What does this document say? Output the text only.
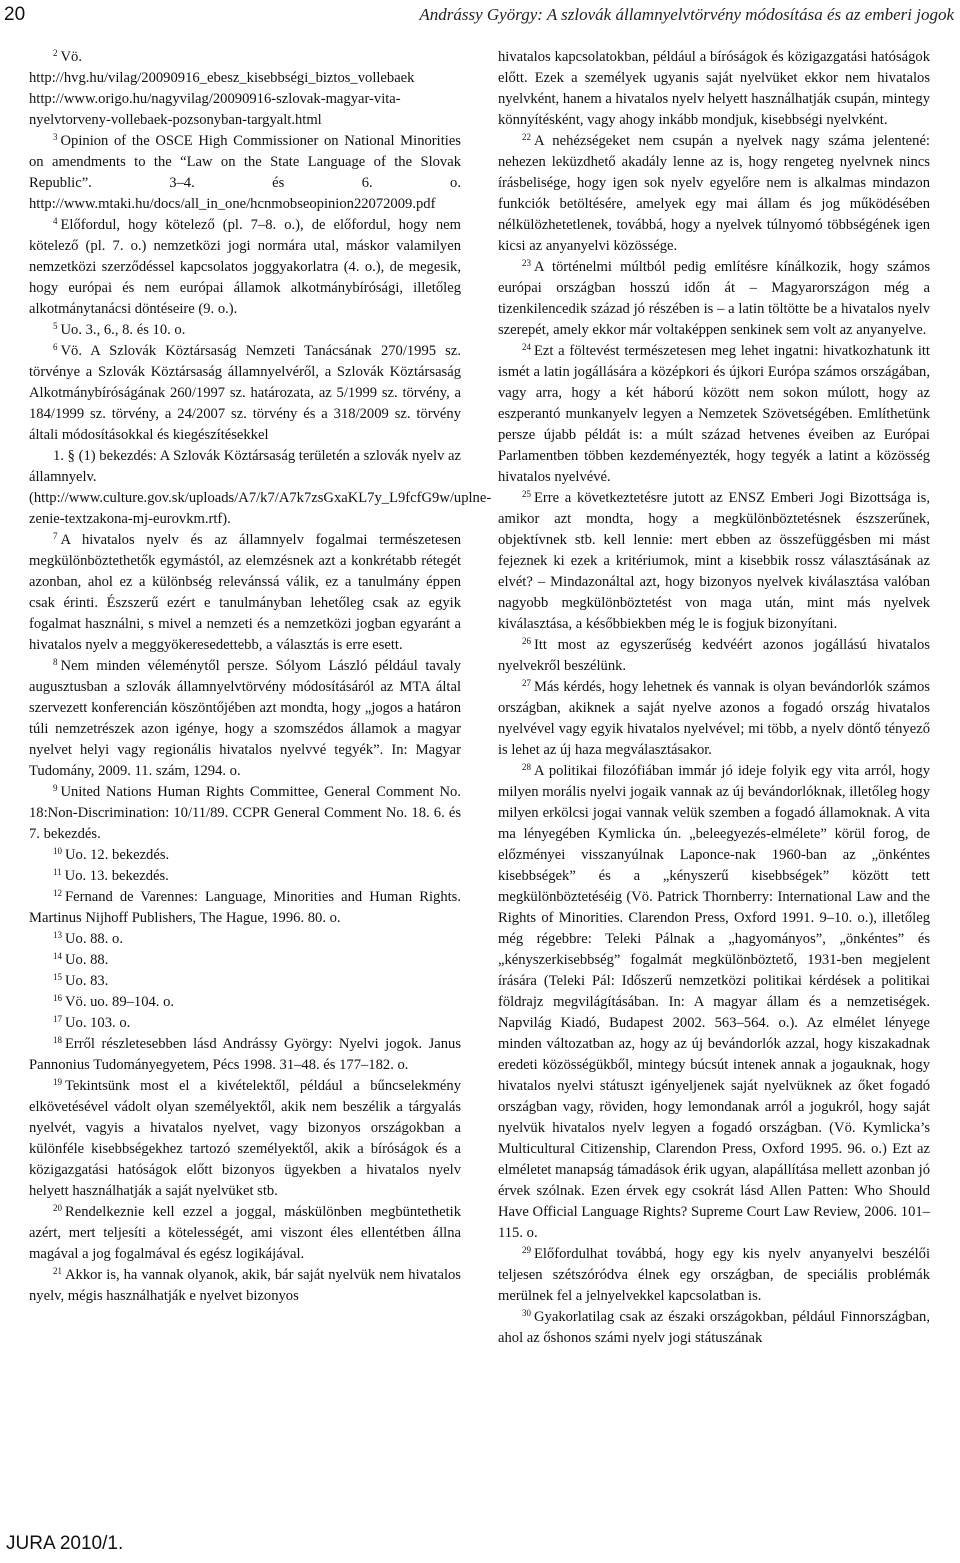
20	Andrássy György: A szlovák államnyelvtörvény módosítása és az emberi jogok

$^2$ Vö. http://hvg.hu/vilag/20090916_ebesz_kisebbségi_biztos_vollebaek http://www.origo.hu/nagyvilag/20090916-szlovak-magyar-vita-nyelvtorveny-vollebaek-pozsonyban-targyalt.html

$^3$ Opinion of the OSCE High Commissioner on National Minorities on amendments to the “Law on the State Language of the Slovak Republic”. 3–4. és 6. o. http://www.mtaki.hu/docs/all_in_one/hcnmobseopinion22072009.pdf

$^4$ Előfordul, hogy kötelező (pl. 7–8. o.), de előfordul, hogy nem kötelező (pl. 7. o.) nemzetközi jogi normára utal, máskor valamilyen nemzetközi szerződéssel kapcsolatos joggyakorlatra (4. o.), de megesik, hogy európai és nem európai államok alkotmánybírósági, illetőleg alkotmánytanácsi döntéseire (9. o.).

$^5$ Uo. 3., 6., 8. és 10. o.

$^6$ Vö. A Szlovák Köztársaság Nemzeti Tanácsának 270/1995 sz. törvénye a Szlovák Köztársaság államnyelvéről, a Szlovák Köztársaság Alkotmánybíróságának 260/1997 sz. határozata, az 5/1999 sz. törvény, a 184/1999 sz. törvény, a 24/2007 sz. törvény és a 318/2009 sz. törvény általi módosításokkal és kiegészítésekkel

1. § (1) bekezdés: A Szlovák Köztársaság területén a szlovák nyelv az államnyelv. (http://www.culture.gov.sk/uploads/A7/k7/A7k7zsGxaKL7y_L9fcfG9w/uplne-zenie-textzakona-mj-eurovkm.rtf).

$^7$ A hivatalos nyelv és az államnyelv fogalmai természetesen megkülönböztethetők egymástól, az elemzésnek azt a konkrétabb rétegét azonban, ahol ez a különbség relevánssá válik, ez a tanulmány éppen csak érinti. Észszerű ezért e tanulmányban lehetőleg csak az egyik fogalmat használni, s mivel a nemzeti és a nemzetközi jogban egyaránt a hivatalos nyelv a meggyökeresedettebb, a választás is erre esett.

$^8$ Nem minden véleménytől persze. Sólyom László például tavaly augusztusban a szlovák államnyelvtörvény módosításáról az MTA által szervezett konferencián köszöntőjében azt mondta, hogy „jogos a határon túli nemzetrészek azon igénye, hogy a szomszédos államok a magyar nyelvet helyi vagy regionális hivatalos nyelvvé tegyék”. In: Magyar Tudomány, 2009. 11. szám, 1294. o.

$^9$ United Nations Human Rights Committee, General Comment No. 18:Non-Discrimination: 10/11/89. CCPR General Comment No. 18. 6. és 7. bekezdés.

$^{10}$ Uo. 12. bekezdés.

$^{11}$ Uo. 13. bekezdés.

$^{12}$ Fernand de Varennes: Language, Minorities and Human Rights. Martinus Nijhoff Publishers, The Hague, 1996. 80. o.

$^{13}$ Uo. 88. o.

$^{14}$ Uo. 88.

$^{15}$ Uo. 83.

$^{16}$ Vö. uo. 89–104. o.

$^{17}$ Uo. 103. o.

$^{18}$ Erről részletesebben lásd Andrássy György: Nyelvi jogok. Janus Pannonius Tudományegyetem, Pécs 1998. 31–48. és 177–182. o.

$^{19}$ Tekintsünk most el a kivételektől, például a bűncselekmény elkövetésével vádolt olyan személyektől, akik nem beszélik a tárgyalás nyelvét, vagyis a hivatalos nyelvet, vagy bizonyos országokban a különféle kisebbségekhez tartozó személyektől, akik a bíróságok és a közigazgatási hatóságok előtt bizonyos ügyekben a hivatalos nyelv helyett használhatják a saját nyelvüket stb.

$^{20}$ Rendelkeznie kell ezzel a joggal, máskülönben megbüntethetik azért, mert teljesíti a kötelességét, ami viszont éles ellentétben állna magával a jog fogalmával és egész logikájával.

$^{21}$ Akkor is, ha vannak olyanok, akik, bár saját nyelvük nem hivatalos nyelv, mégis használhatják e nyelvet bizonyos

hivatalos kapcsolatokban, például a bíróságok és közigazgatási hatóságok előtt. Ezek a személyek ugyanis saját nyelvüket ekkor nem hivatalos nyelvként, hanem a hivatalos nyelv helyett használhatják csupán, mintegy könnyítésként, vagy ahogy inkább mondjuk, kisebbségi nyelvként.

$^{22}$ A nehézségeket nem csupán a nyelvek nagy száma jelentené: nehezen leküzdhető akadály lenne az is, hogy rengeteg nyelvnek nincs írásbelisége, hogy igen sok nyelv egyelőre nem is alkalmas mindazon funkciók betöltésére, amelyek egy mai állam és jog működésében nélkülözhetetlenek, továbbá, hogy a nyelvek túlnyomó többségének igen kicsi az anyanyelvi közössége.

$^{23}$ A történelmi múltból pedig említésre kínálkozik, hogy számos európai országban hosszú időn át – Magyarországon még a tizenkilencedik század jó részében is – a latin töltötte be a hivatalos nyelv szerepét, amely ekkor már voltaképpen senkinek sem volt az anyanyelve.

$^{24}$ Ezt a föltevést természetesen meg lehet ingatni: hivatkozhatunk itt ismét a latin jogállására a középkori és újkori Európa számos országában, vagy arra, hogy a két háború között nem sokon múlott, hogy az eszperantó munkanyelv legyen a Nemzetek Szövetségében. Említhetünk persze újabb példát is: a múlt század hetvenes éveiben az Európai Parlamentben többen kezdeményezték, hogy tegyék a latint a közösség hivatalos nyelvévé.

$^{25}$ Erre a következtetésre jutott az ENSZ Emberi Jogi Bizottsága is, amikor azt mondta, hogy a megkülönböztetésnek észszerűnek, objektívnek stb. kell lennie: mert ebben az összefüggésben mi mást fejeznek ki ezek a kritériumok, mint a kisebbik rossz választásának az elvét? – Mindazonáltal azt, hogy bizonyos nyelvek kiválasztása valóban nagyobb megkülönböztetést von maga után, mint más nyelvek kiválasztása, a későbbiekben még le is fogjuk bizonyítani.

$^{26}$ Itt most az egyszerűség kedvéért azonos jogállású hivatalos nyelvekről beszélünk.

$^{27}$ Más kérdés, hogy lehetnek és vannak is olyan bevándorlók számos országban, akiknek a saját nyelve azonos a fogadó ország hivatalos nyelvével vagy egyik hivatalos nyelvével; mi több, a nyelv döntő tényező is lehet az új haza megválasztásakor.

$^{28}$ A politikai filozófiában immár jó ideje folyik egy vita arról, hogy milyen morális nyelvi jogaik vannak az új bevándorlóknak, illetőleg hogy milyen erkölcsi jogai vannak velük szemben a fogadó államoknak. A vita ma lényegében Kymlicka ún. „beleegyezés-elmélete” körül forog, de előzményei visszanyúlnak Laponce-nak 1960-ban az „önkéntes kisebbségek” és a „kényszerű kisebbségek” között tett megkülönböztetéséig (Vö. Patrick Thornberry: International Law and the Rights of Minorities. Clarendon Press, Oxford 1991. 9–10. o.), illetőleg még régebbre: Teleki Pálnak a „hagyományos”, „önkéntes” és „kényszerkisebbség” fogalmát megkülönböztető, 1931-ben megjelent írására (Teleki Pál: Időszerű nemzetközi politikai kérdések a politikai földrajz megvilágításában. In: A magyar állam és a nemzetiségek. Napvilág Kiadó, Budapest 2002. 563–564. o.). Az elmélet lényege minden változatban az, hogy az új bevándorlók azzal, hogy kiszakadnak eredeti közösségükből, mintegy búcsút intenek annak a jogauknak, hogy hivatalos nyelvi státuszt igényeljenek saját nyelvüknek az őket fogadó országban vagy, röviden, hogy lemondanak arról a jogukról, hogy saját nyelvük hivatalos nyelv legyen a fogadó országban. (Vö. Kymlicka’s Multicultural Citizenship, Clarendon Press, Oxford 1995. 96. o.) Ezt az elméletet manapság támadások érik ugyan, alapállítása mellett azonban jó érvek szólnak. Ezen érvek egy csokrát lásd Allen Patten: Who Should Have Official Language Rights? Supreme Court Law Review, 2006. 101–115. o.

$^{29}$ Előfordulhat továbbá, hogy egy kis nyelv anyanyelvi beszélői teljesen szétszóródva élnek egy országban, de speciális problémák merülnek fel a jelnyelvekkel kapcsolatban is.

$^{30}$ Gyakorlatilag csak az északi országokban, például Finnországban, ahol az őshonos számi nyelv jogi státuszának

JURA 2010/1.
